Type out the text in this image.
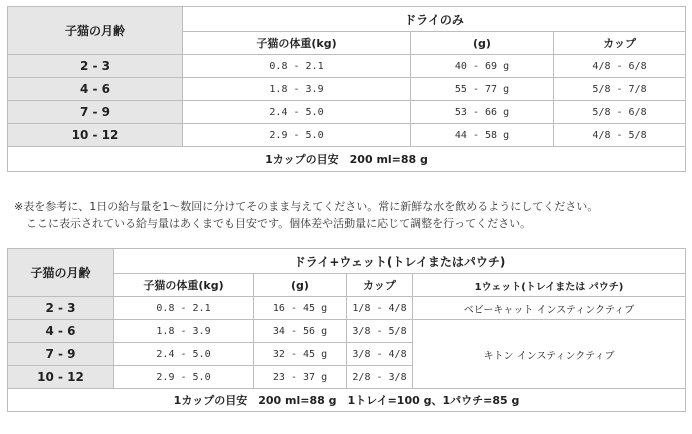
子猫の月齢	ドライのみ		
	子猫の体重(kg)	(g)	カップ
2 - 3	0.8 - 2.1	40 - 69 g	4/8 - 6/8
4 - 6	1.8 - 3.9	55 - 77 g	5/8 - 7/8
7 - 9	2.4 - 5.0	53 - 66 g	5/8 - 6/8
10 - 12	2.9 - 5.0	44 - 58 g	4/8 - 5/8
1カップの目安　200 ml=88 g			
※表を参考に、1日の給与量を1～数回に分けてそのまま与えてください。常に新鮮な水を飲めるようにしてください。
ここに表示されている給与量はあくまでも目安です。個体差や活動量に応じて調整を行ってください。
子猫の月齢	ドライ+ウェット(トレイまたはパウチ)			
	子猫の体重(kg)	(g)	カップ	1ウェット(トレイまたは パウチ)
2 - 3	0.8 - 2.1	16 - 45 g	1/8 - 4/8	ベビーキャット インスティンクティブ
4 - 6	1.8 - 3.9	34 - 56 g	3/8 - 5/8	キトン インスティンクティブ
7 - 9	2.4 - 5.0	32 - 45 g	3/8 - 4/8	
10 - 12	2.9 - 5.0	23 - 37 g	2/8 - 3/8	
1カップの目安　200 ml=88 g　1トレイ=100 g、1パウチ=85 g				
